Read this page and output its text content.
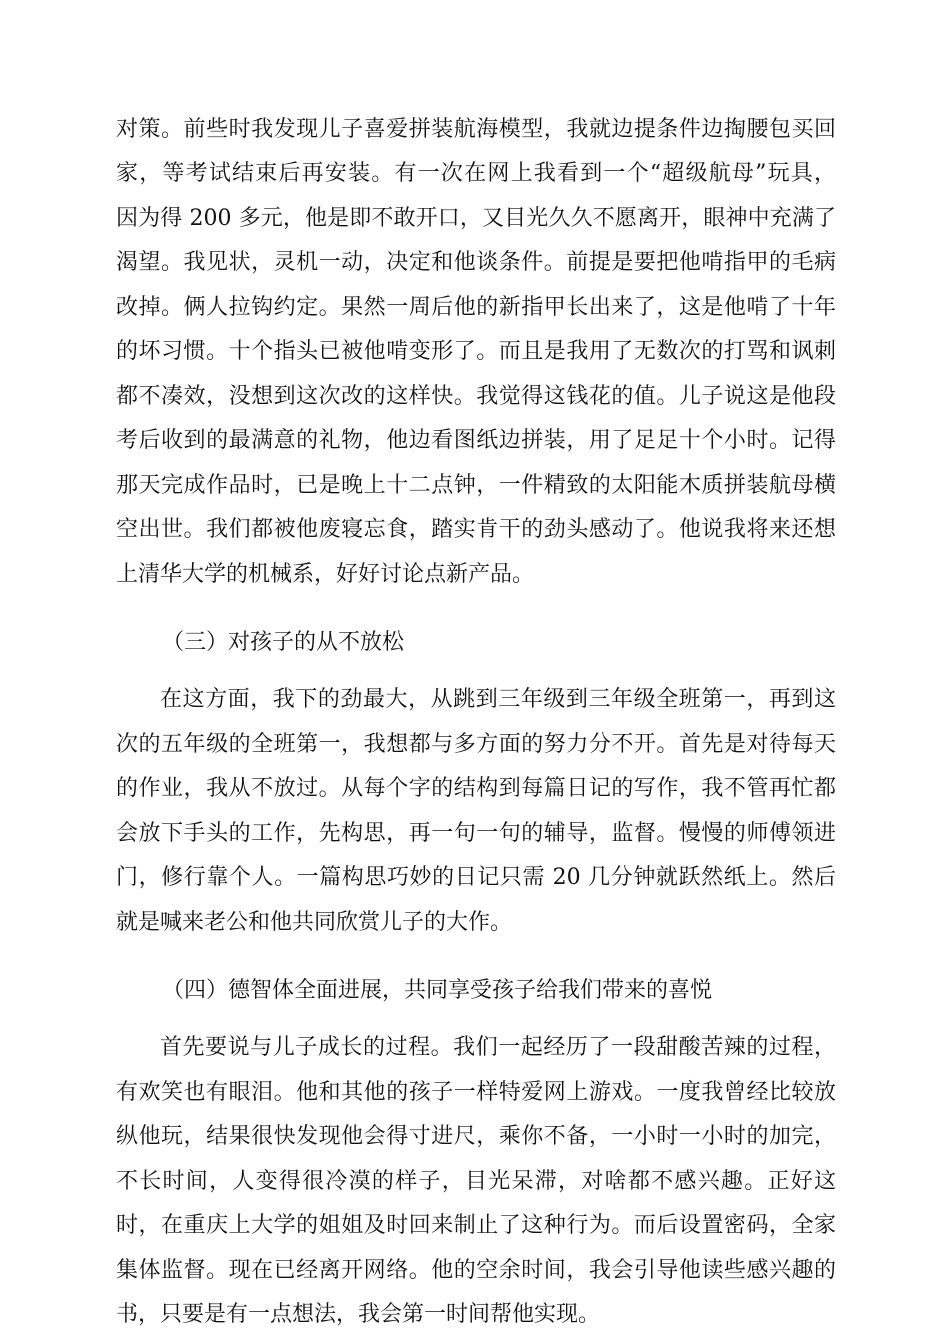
对策。前些时我发现儿子喜爱拼装航海模型，我就边提条件边掏腰包买回
家，等考试结束后再安装。有一次在网上我看到一个“超级航母”玩具，
因为得 200 多元，他是即不敢开口，又目光久久不愿离开，眼神中充满了
渴望。我见状，灵机一动，决定和他谈条件。前提是要把他啃指甲的毛病
改掉。俩人拉钩约定。果然一周后他的新指甲长出来了，这是他啃了十年
的坏习惯。十个指头已被他啃变形了。而且是我用了无数次的打骂和讽刺
都不凑效，没想到这次改的这样快。我觉得这钱花的值。儿子说这是他段
考后收到的最满意的礼物，他边看图纸边拼装，用了足足十个小时。记得
那天完成作品时，已是晚上十二点钟，一件精致的太阳能木质拼装航母横
空出世。我们都被他废寝忘食，踏实肯干的劲头感动了。他说我将来还想
上清华大学的机械系，好好讨论点新产品。
（三）对孩子的从不放松
在这方面，我下的劲最大，从跳到三年级到三年级全班第一，再到这
次的五年级的全班第一，我想都与多方面的努力分不开。首先是对待每天
的作业，我从不放过。从每个字的结构到每篇日记的写作，我不管再忙都
会放下手头的工作，先构思，再一句一句的辅导，监督。慢慢的师傅领进
门，修行靠个人。一篇构思巧妙的日记只需 20 几分钟就跃然纸上。然后
就是喊来老公和他共同欣赏儿子的大作。
（四）德智体全面进展，共同享受孩子给我们带来的喜悦
首先要说与儿子成长的过程。我们一起经历了一段甜酸苦辣的过程，
有欢笑也有眼泪。他和其他的孩子一样特爱网上游戏。一度我曾经比较放
纵他玩，结果很快发现他会得寸进尺，乘你不备，一小时一小时的加完，
不长时间，人变得很冷漠的样子，目光呆滞，对啥都不感兴趣。正好这
时，在重庆上大学的姐姐及时回来制止了这种行为。而后设置密码，全家
集体监督。现在已经离开网络。他的空余时间，我会引导他读些感兴趣的
书，只要是有一点想法，我会第一时间帮他实现。
